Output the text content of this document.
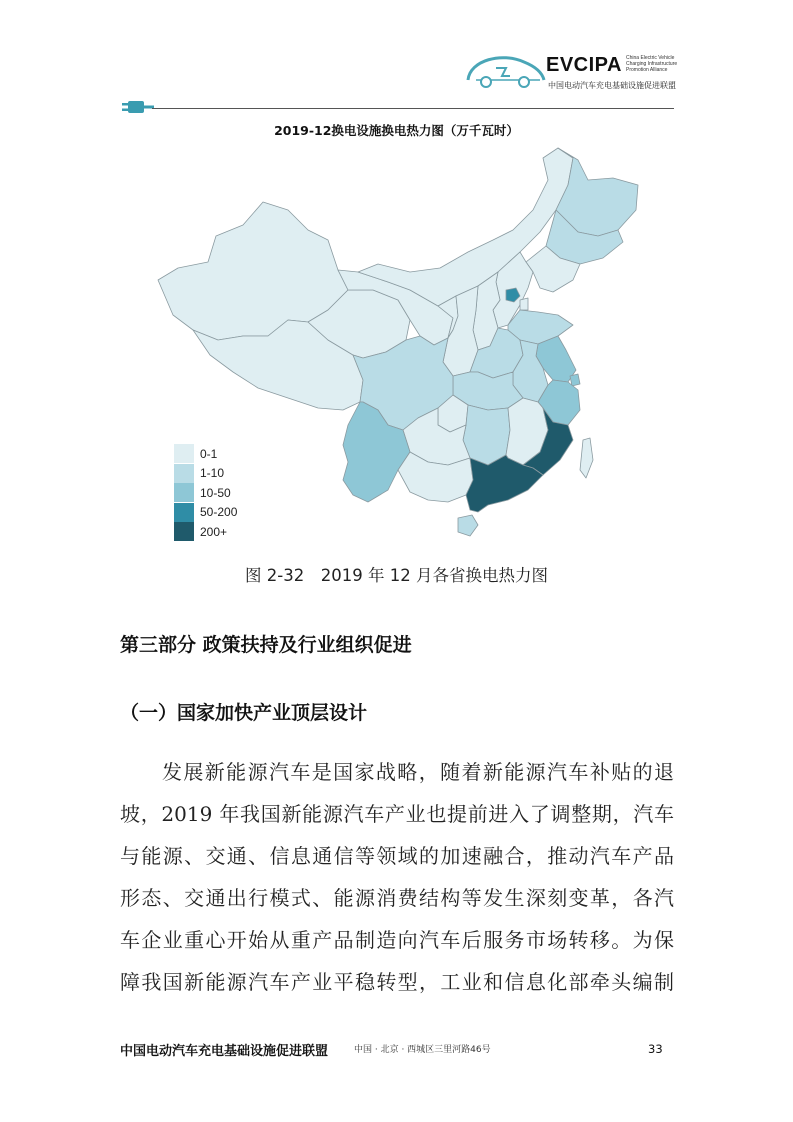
EVCIPA China Electric Vehicle
Charging Infrastructure
Promotion Alliance
中国电动汽车充电基础设施促进联盟
2019-12换电设施换电热力图（万千瓦时）
0-1
1-10
10-50
50-200
200+
图 2-32　2019 年 12 月各省换电热力图
第三部分 政策扶持及行业组织促进
（一）国家加快产业顶层设计
发展新能源汽车是国家战略，随着新能源汽车补贴的退
坡，2019 年我国新能源汽车产业也提前进入了调整期，汽车
与能源、交通、信息通信等领域的加速融合，推动汽车产品
形态、交通出行模式、能源消费结构等发生深刻变革，各汽
车企业重心开始从重产品制造向汽车后服务市场转移。为保
障我国新能源汽车产业平稳转型，工业和信息化部牵头编制
中国电动汽车充电基础设施促进联盟	中国 · 北京 · 西城区三里河路46号	33
